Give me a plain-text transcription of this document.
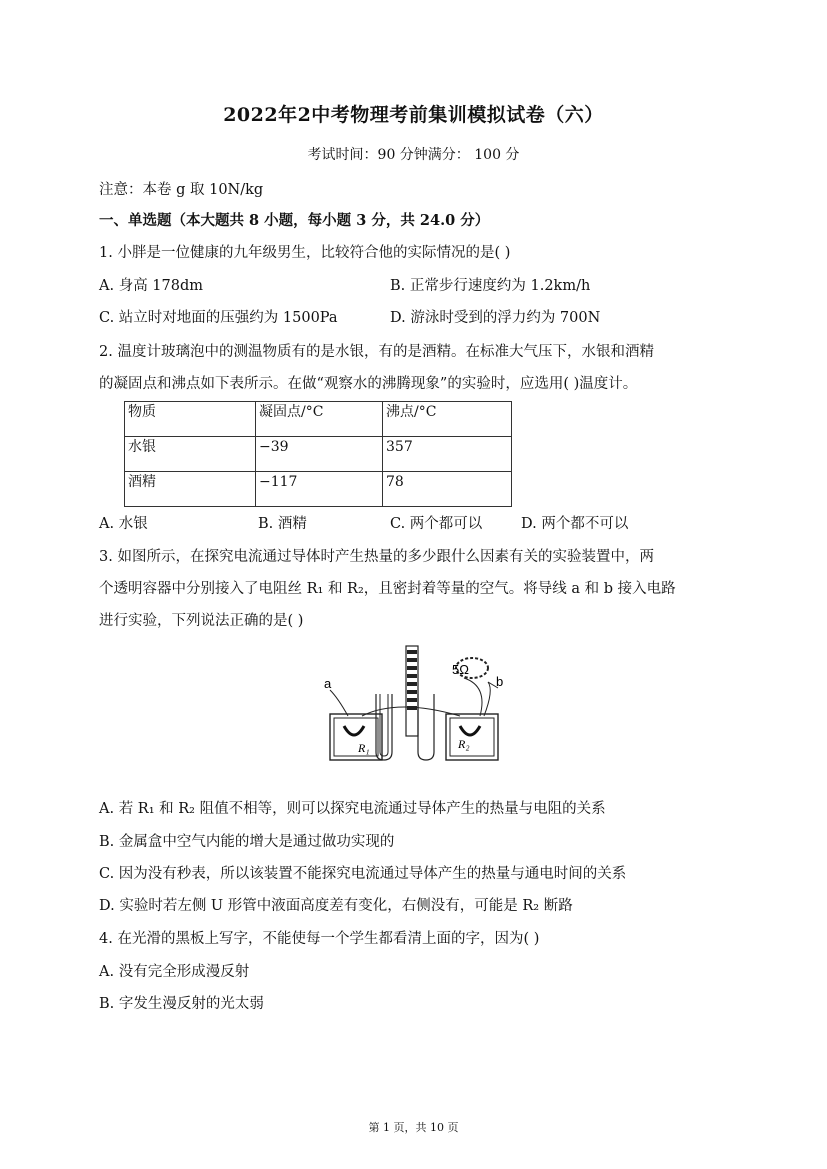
2022年2中考物理考前集训模拟试卷（六）
考试时间：90 分钟满分： 100 分
注意：本卷 g 取 10N/kg
一、单选题（本大题共 8 小题，每小题 3 分，共 24.0 分）
1. 小胖是一位健康的九年级男生，比较符合他的实际情况的是( )
A. 身高 178dm	B. 正常步行速度约为 1.2km/h
C. 站立时对地面的压强约为 1500Pa	D. 游泳时受到的浮力约为 700N
2. 温度计玻璃泡中的测温物质有的是水银，有的是酒精。在标准大气压下，水银和酒精
的凝固点和沸点如下表所示。在做“观察水的沸腾现象”的实验时，应选用( )温度计。
物质	凝固点/°C	沸点/°C
水银	−39	357
酒精	−117	78
A. 水银	B. 酒精	C. 两个都可以	D. 两个都不可以
3. 如图所示，在探究电流通过导体时产生热量的多少跟什么因素有关的实验装置中，两
个透明容器中分别接入了电阻丝 R₁ 和 R₂，且密封着等量的空气。将导线 a 和 b 接入电路
进行实验，下列说法正确的是( )
5Ω
a	b
R₁	R₂
A. 若 R₁ 和 R₂ 阻值不相等，则可以探究电流通过导体产生的热量与电阻的关系
B. 金属盒中空气内能的增大是通过做功实现的
C. 因为没有秒表，所以该装置不能探究电流通过导体产生的热量与通电时间的关系
D. 实验时若左侧 U 形管中液面高度差有变化，右侧没有，可能是 R₂ 断路
4. 在光滑的黑板上写字，不能使每一个学生都看清上面的字，因为( )
A. 没有完全形成漫反射
B. 字发生漫反射的光太弱
第 1 页，共 10 页
